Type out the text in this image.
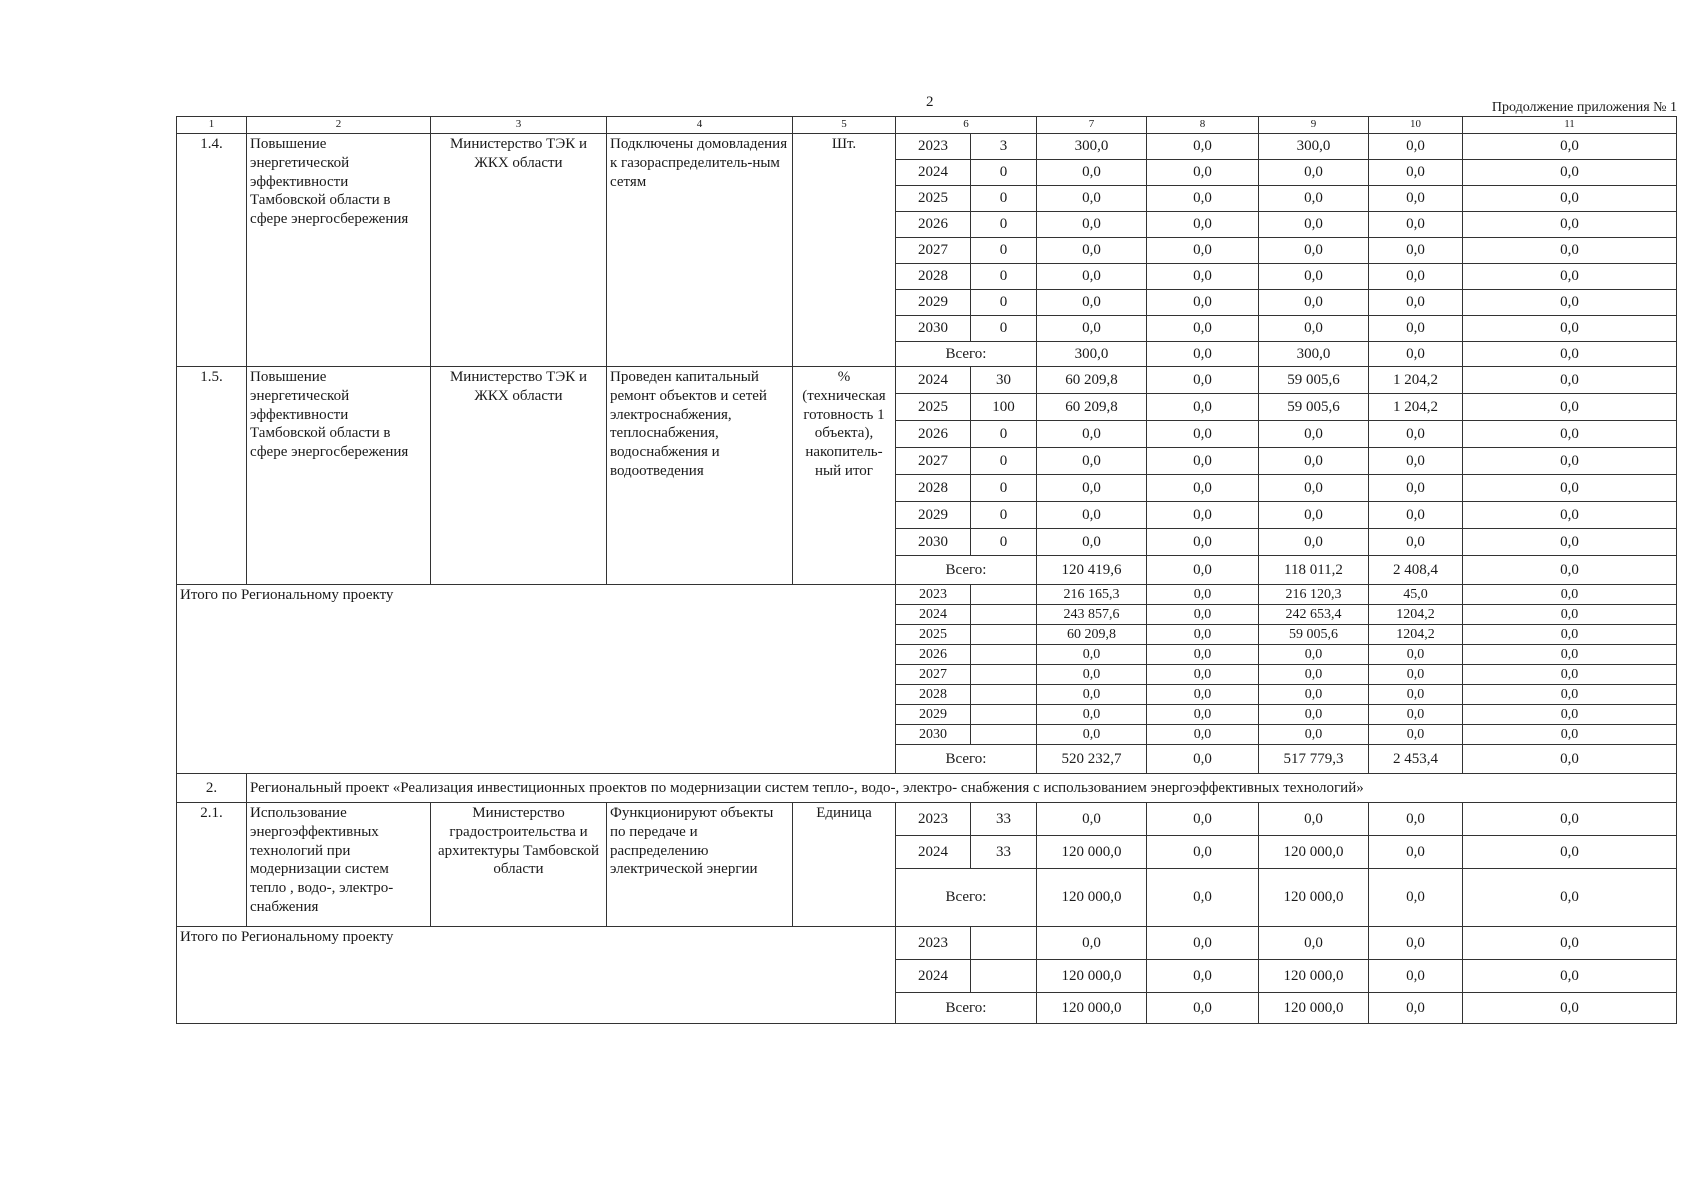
2	Продолжение приложения № 1
1	2	3	4	5	6		7	8	9	10	11
1.4.	Повышение энергетической эффективности Тамбовской области в сфере энергосбережения	Министерство ТЭК и ЖКХ области	Подключены домовладения к газораспределитель-ным сетям	Шт.	2023	3	300,0	0,0	300,0	0,0	0,0
					2024	0	0,0	0,0	0,0	0,0	0,0
					2025	0	0,0	0,0	0,0	0,0	0,0
					2026	0	0,0	0,0	0,0	0,0	0,0
					2027	0	0,0	0,0	0,0	0,0	0,0
					2028	0	0,0	0,0	0,0	0,0	0,0
					2029	0	0,0	0,0	0,0	0,0	0,0
					2030	0	0,0	0,0	0,0	0,0	0,0
					Всего:		300,0	0,0	300,0	0,0	0,0
1.5.	Повышение энергетической эффективности Тамбовской области в сфере энергосбережения	Министерство ТЭК и ЖКХ области	Проведен капитальный ремонт объектов и сетей электроснабжения, теплоснабжения, водоснабжения и водоотведения	% (техническая готовность 1 объекта), накопитель-ный итог	2024	30	60 209,8	0,0	59 005,6	1 204,2	0,0
					2025	100	60 209,8	0,0	59 005,6	1 204,2	0,0
					2026	0	0,0	0,0	0,0	0,0	0,0
					2027	0	0,0	0,0	0,0	0,0	0,0
					2028	0	0,0	0,0	0,0	0,0	0,0
					2029	0	0,0	0,0	0,0	0,0	0,0
					2030	0	0,0	0,0	0,0	0,0	0,0
					Всего:		120 419,6	0,0	118 011,2	2 408,4	0,0
Итого по Региональному проекту					2023		216 165,3	0,0	216 120,3	45,0	0,0
					2024		243 857,6	0,0	242 653,4	1204,2	0,0
					2025		60 209,8	0,0	59 005,6	1204,2	0,0
					2026		0,0	0,0	0,0	0,0	0,0
					2027		0,0	0,0	0,0	0,0	0,0
					2028		0,0	0,0	0,0	0,0	0,0
					2029		0,0	0,0	0,0	0,0	0,0
					2030		0,0	0,0	0,0	0,0	0,0
					Всего:		520 232,7	0,0	517 779,3	2 453,4	0,0
2.	Региональный проект «Реализация инвестиционных проектов по модернизации систем тепло-, водо-, электро- снабжения с использованием энергоэффективных технологий»										
2.1.	Использование энергоэффективных технологий при модернизации систем тепло , водо-, электро-снабжения	Министерство градостроительства и архитектуры Тамбовской области	Функционируют объекты по передаче и распределению электрической энергии	Единица	2023	33	0,0	0,0	0,0	0,0	0,0
					2024	33	120 000,0	0,0	120 000,0	0,0	0,0
					Всего:		120 000,0	0,0	120 000,0	0,0	0,0
Итого по Региональному проекту					2023		0,0	0,0	0,0	0,0	0,0
					2024		120 000,0	0,0	120 000,0	0,0	0,0
					Всего:		120 000,0	0,0	120 000,0	0,0	0,0
